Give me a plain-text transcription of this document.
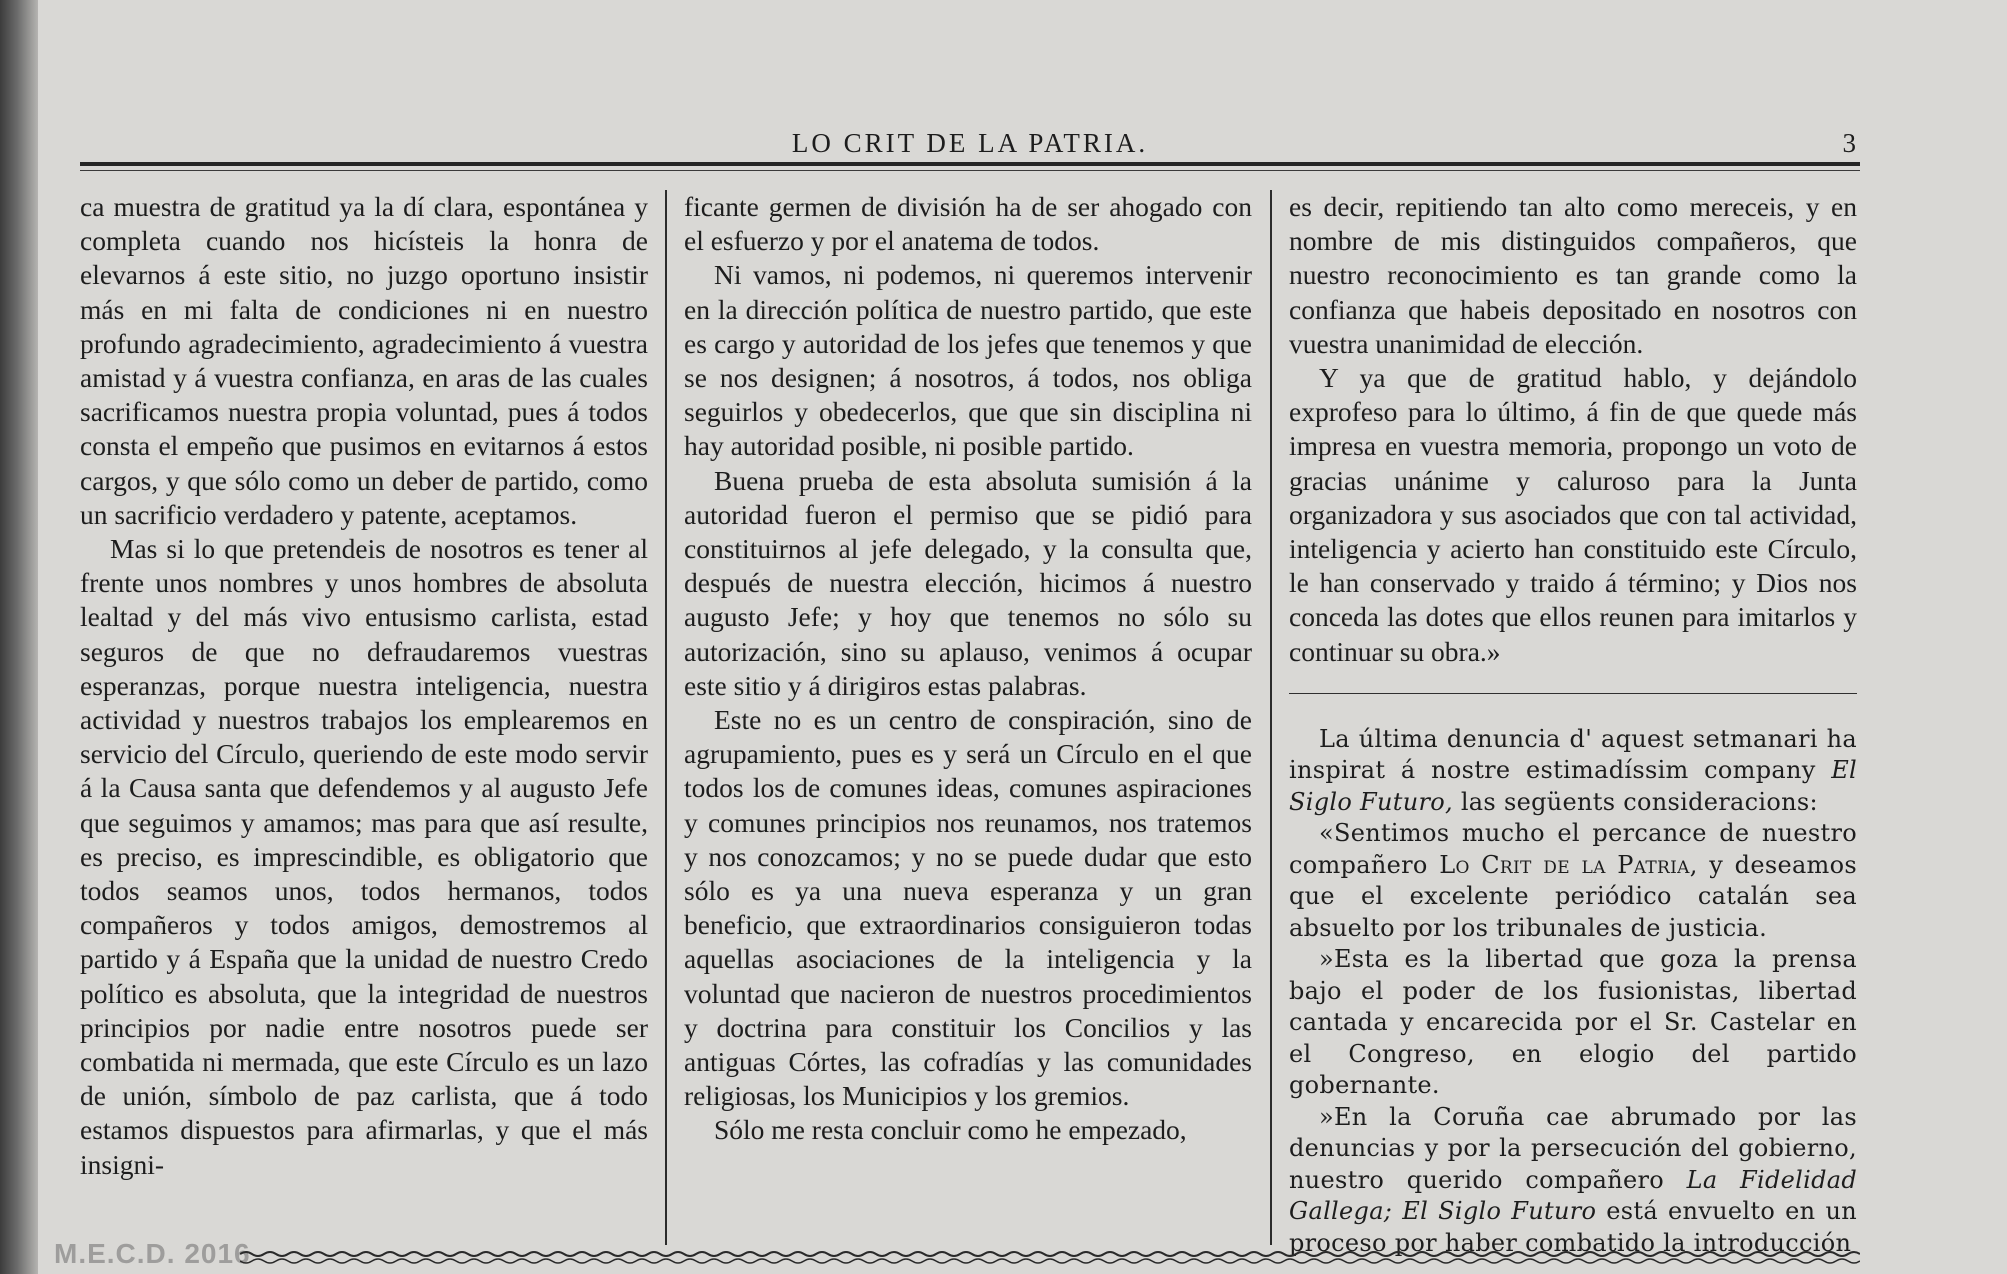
LO CRIT DE LA PATRIA.	3

ca muestra de gratitud ya la dí clara, espontánea y completa cuando nos hicísteis la honra de elevarnos á este sitio, no juzgo oportuno insistir más en mi falta de condiciones ni en nuestro profundo agradecimiento, agradecimiento á vuestra amistad y á vuestra confianza, en aras de las cuales sacrificamos nuestra propia voluntad, pues á todos consta el empeño que pusimos en evitarnos á estos cargos, y que sólo como un deber de partido, como un sacrificio verdadero y patente, aceptamos.

Mas si lo que pretendeis de nosotros es tener al frente unos nombres y unos hombres de absoluta lealtad y del más vivo entusismo carlista, estad seguros de que no defraudaremos vuestras esperanzas, porque nuestra inteligencia, nuestra actividad y nuestros trabajos los emplearemos en servicio del Círculo, queriendo de este modo servir á la Causa santa que defendemos y al augusto Jefe que seguimos y amamos; mas para que así resulte, es preciso, es imprescindible, es obligatorio que todos seamos unos, todos hermanos, todos compañeros y todos amigos, demostremos al partido y á España que la unidad de nuestro Credo político es absoluta, que la integridad de nuestros principios por nadie entre nosotros puede ser combatida ni mermada, que este Círculo es un lazo de unión, símbolo de paz carlista, que á todo estamos dispuestos para afirmarlas, y que el más insigni-

ficante germen de división ha de ser ahogado con el esfuerzo y por el anatema de todos.

Ni vamos, ni podemos, ni queremos intervenir en la dirección política de nuestro partido, que este es cargo y autoridad de los jefes que tenemos y que se nos designen; á nosotros, á todos, nos obliga seguirlos y obedecerlos, que que sin disciplina ni hay autoridad posible, ni posible partido.

Buena prueba de esta absoluta sumisión á la autoridad fueron el permiso que se pidió para constituirnos al jefe delegado, y la consulta que, después de nuestra elección, hicimos á nuestro augusto Jefe; y hoy que tenemos no sólo su autorización, sino su aplauso, venimos á ocupar este sitio y á dirigiros estas palabras.

Este no es un centro de conspiración, sino de agrupamiento, pues es y será un Círculo en el que todos los de comunes ideas, comunes aspiraciones y comunes principios nos reunamos, nos tratemos y nos conozcamos; y no se puede dudar que esto sólo es ya una nueva esperanza y un gran beneficio, que extraordinarios consiguieron todas aquellas asociaciones de la inteligencia y la voluntad que nacieron de nuestros procedimientos y doctrina para constituir los Concilios y las antiguas Córtes, las cofradías y las comunidades religiosas, los Municipios y los gremios.

Sólo me resta concluir como he empezado,

es decir, repitiendo tan alto como mereceis, y en nombre de mis distinguidos compañeros, que nuestro reconocimiento es tan grande como la confianza que habeis depositado en nosotros con vuestra unanimidad de elección.

Y ya que de gratitud hablo, y dejándolo exprofeso para lo último, á fin de que quede más impresa en vuestra memoria, propongo un voto de gracias unánime y caluroso para la Junta organizadora y sus asociados que con tal actividad, inteligencia y acierto han constituido este Círculo, le han conservado y traido á término; y Dios nos conceda las dotes que ellos reunen para imitarlos y continuar su obra.»

La última denuncia d' aquest setmanari ha inspirat á nostre estimadíssim company El Siglo Futuro, las següents consideracions:

«Sentimos mucho el percance de nuestro compañero Lo Crit de la Patria, y deseamos que el excelente periódico catalán sea absuelto por los tribunales de justicia.

»Esta es la libertad que goza la prensa bajo el poder de los fusionistas, libertad cantada y encarecida por el Sr. Castelar en el Congreso, en elogio del partido gobernante.

»En la Coruña cae abrumado por las denuncias y por la persecución del gobierno, nuestro querido compañero La Fidelidad Gallega; El Siglo Futuro está envuelto en un proceso por haber combatido la introducción

M.E.C.D. 2016
